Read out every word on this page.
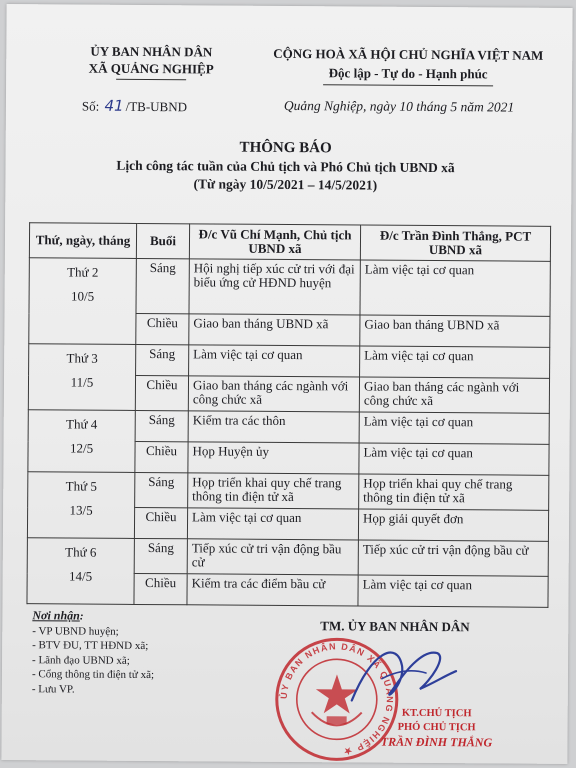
ỦY BAN NHÂN DÂN
XÃ QUẢNG NGHIỆP
CỘNG HOÀ XÃ HỘI CHỦ NGHĨA VIỆT NAM
Độc lập - Tự do - Hạnh phúc
Số: 41 /TB-UBND	Quảng Nghiệp, ngày 10 tháng 5 năm 2021
THÔNG BÁO
Lịch công tác tuần của Chủ tịch và Phó Chủ tịch UBND xã
(Từ ngày 10/5/2021 – 14/5/2021)
Thứ, ngày, tháng	Buổi	Đ/c Vũ Chí Mạnh, Chủ tịch UBND xã	Đ/c Trần Đình Thắng, PCT UBND xã

Thứ 2
10/5	Sáng	Hội nghị tiếp xúc cử tri với đại biểu ứng cử HĐND huyện	Làm việc tại cơ quan
	Chiều	Giao ban tháng UBND xã	Giao ban tháng UBND xã

Thứ 3
11/5	Sáng	Làm việc tại cơ quan	Làm việc tại cơ quan
	Chiều	Giao ban tháng các ngành với công chức xã	Giao ban tháng các ngành với công chức xã

Thứ 4
12/5	Sáng	Kiểm tra các thôn	Làm việc tại cơ quan
	Chiều	Họp Huyện ủy	Làm việc tại cơ quan

Thứ 5
13/5	Sáng	Họp triển khai quy chế trang thông tin điện tử xã	Họp triển khai quy chế trang thông tin điện tử xã
	Chiều	Làm việc tại cơ quan	Họp giải quyết đơn

Thứ 6
14/5	Sáng	Tiếp xúc cử tri vận động bầu cử	Tiếp xúc cử tri vận động bầu cử
	Chiều	Kiểm tra các điểm bầu cử	Làm việc tại cơ quan
Nơi nhận:
- VP UBND huyện;
- BTV ĐU, TT HĐND xã;
- Lãnh đạo UBND xã;
- Cổng thông tin điện tử xã;
- Lưu VP.
TM. ỦY BAN NHÂN DÂN
ỦY BAN NHÂN DÂN XÃ QUẢNG NGHIỆP ★
KT.CHỦ TỊCH
PHÓ CHỦ TỊCH
TRẦN ĐÌNH THẮNG
